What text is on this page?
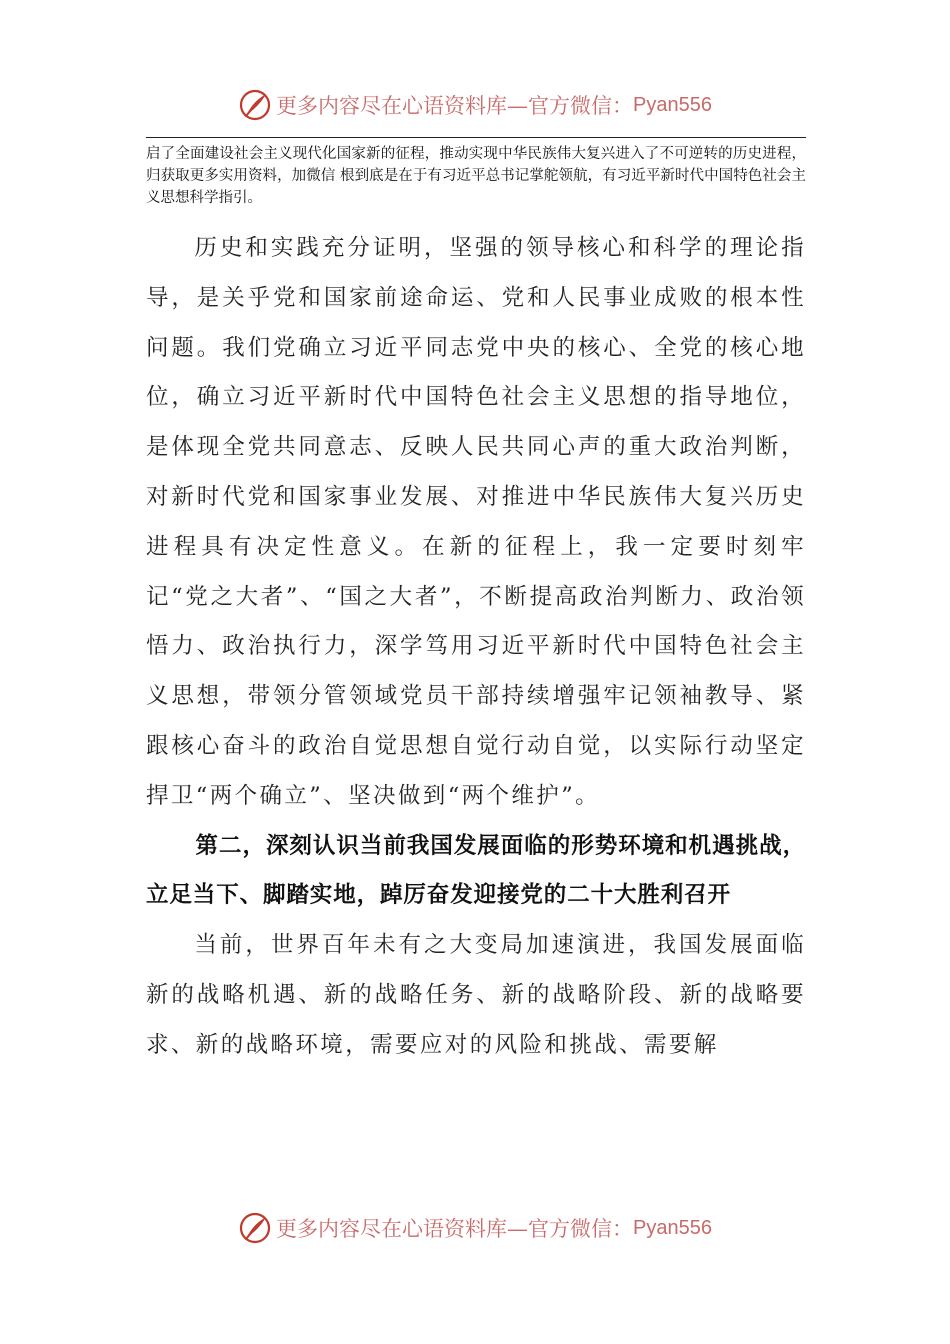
更多内容尽在心语资料库—官方微信： Pyan556
启了全面建设社会主义现代化国家新的征程，推动实现中华民族伟大复兴进入了不可逆转的历史进程，归获取更多实用资料，加微信 根到底是在于有习近平总书记掌舵领航，有习近平新时代中国特色社会主义思想科学指引。

历史和实践充分证明，坚强的领导核心和科学的理论指导，是关乎党和国家前途命运、党和人民事业成败的根本性问题。我们党确立习近平同志党中央的核心、全党的核心地位，确立习近平新时代中国特色社会主义思想的指导地位，是体现全党共同意志、反映人民共同心声的重大政治判断，对新时代党和国家事业发展、对推进中华民族伟大复兴历史进程具有决定性意义。在新的征程上，我一定要时刻牢记“党之大者”、“国之大者”，不断提高政治判断力、政治领悟力、政治执行力，深学笃用习近平新时代中国特色社会主义思想，带领分管领域党员干部持续增强牢记领袖教导、紧跟核心奋斗的政治自觉思想自觉行动自觉，以实际行动坚定捍卫“两个确立”、坚决做到“两个维护”。

第二，深刻认识当前我国发展面临的形势环境和机遇挑战，立足当下、脚踏实地，踔厉奋发迎接党的二十大胜利召开

当前，世界百年未有之大变局加速演进，我国发展面临新的战略机遇、新的战略任务、新的战略阶段、新的战略要求、新的战略环境，需要应对的风险和挑战、需要解

更多内容尽在心语资料库—官方微信： Pyan556
